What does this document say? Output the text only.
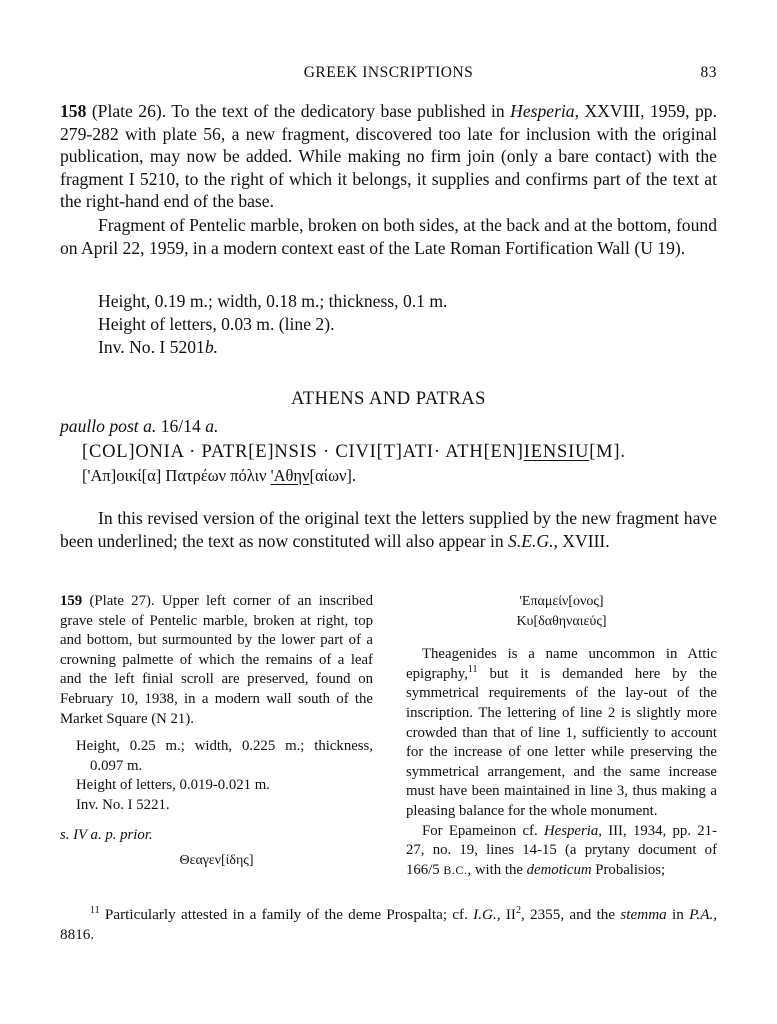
GREEK INSCRIPTIONS	83
158 (Plate 26). To the text of the dedicatory base published in Hesperia, XXVIII, 1959, pp. 279-282 with plate 56, a new fragment, discovered too late for inclusion with the original publication, may now be added. While making no firm join (only a bare contact) with the fragment I 5210, to the right of which it belongs, it supplies and confirms part of the text at the right-hand end of the base.
Fragment of Pentelic marble, broken on both sides, at the back and at the bottom, found on April 22, 1959, in a modern context east of the Late Roman Fortification Wall (U 19).
Height, 0.19 m.; width, 0.18 m.; thickness, 0.1 m.
Height of letters, 0.03 m. (line 2).
Inv. No. I 5201b.
ATHENS AND PATRAS
paullo post a. 16/14 a.
[COL]ONIA · PATR[E]NSIS · CIVI[T]ATI· ATH[EN]IENSIU[M].
['Απ]οικί[α] Πατρέων πόλιν 'Αθην[αίων].
In this revised version of the original text the letters supplied by the new fragment have been underlined; the text as now constituted will also appear in S.E.G., XVIII.
159 (Plate 27). Upper left corner of an inscribed grave stele of Pentelic marble, broken at right, top and bottom, but surmounted by the lower part of a crowning palmette of which the remains of a leaf and the left finial scroll are preserved, found on February 10, 1938, in a modern wall south of the Market Square (N 21).
Height, 0.25 m.; width, 0.225 m.; thickness, 0.097 m.
Height of letters, 0.019-0.021 m.
Inv. No. I 5221.
s. IV a. p. prior.
Θεαγεν[ίδης]
'Επαμείν[ονος]
Κυ[δαθηναιεύς]
Theagenides is a name uncommon in Attic epigraphy,$^{11}$ but it is demanded here by the symmetrical requirements of the lay-out of the inscription. The lettering of line 2 is slightly more crowded than that of line 1, sufficiently to account for the increase of one letter while preserving the symmetrical arrangement, and the same increase must have been maintained in line 3, thus making a pleasing balance for the whole monument.
For Epameinon cf. Hesperia, III, 1934, pp. 21-27, no. 19, lines 14-15 (a prytany document of 166/5 B.C., with the demoticum Probalisios;
$^{11}$ Particularly attested in a family of the deme Prospalta; cf. I.G., $II^2$, 2355, and the stemma in P.A., 8816.
